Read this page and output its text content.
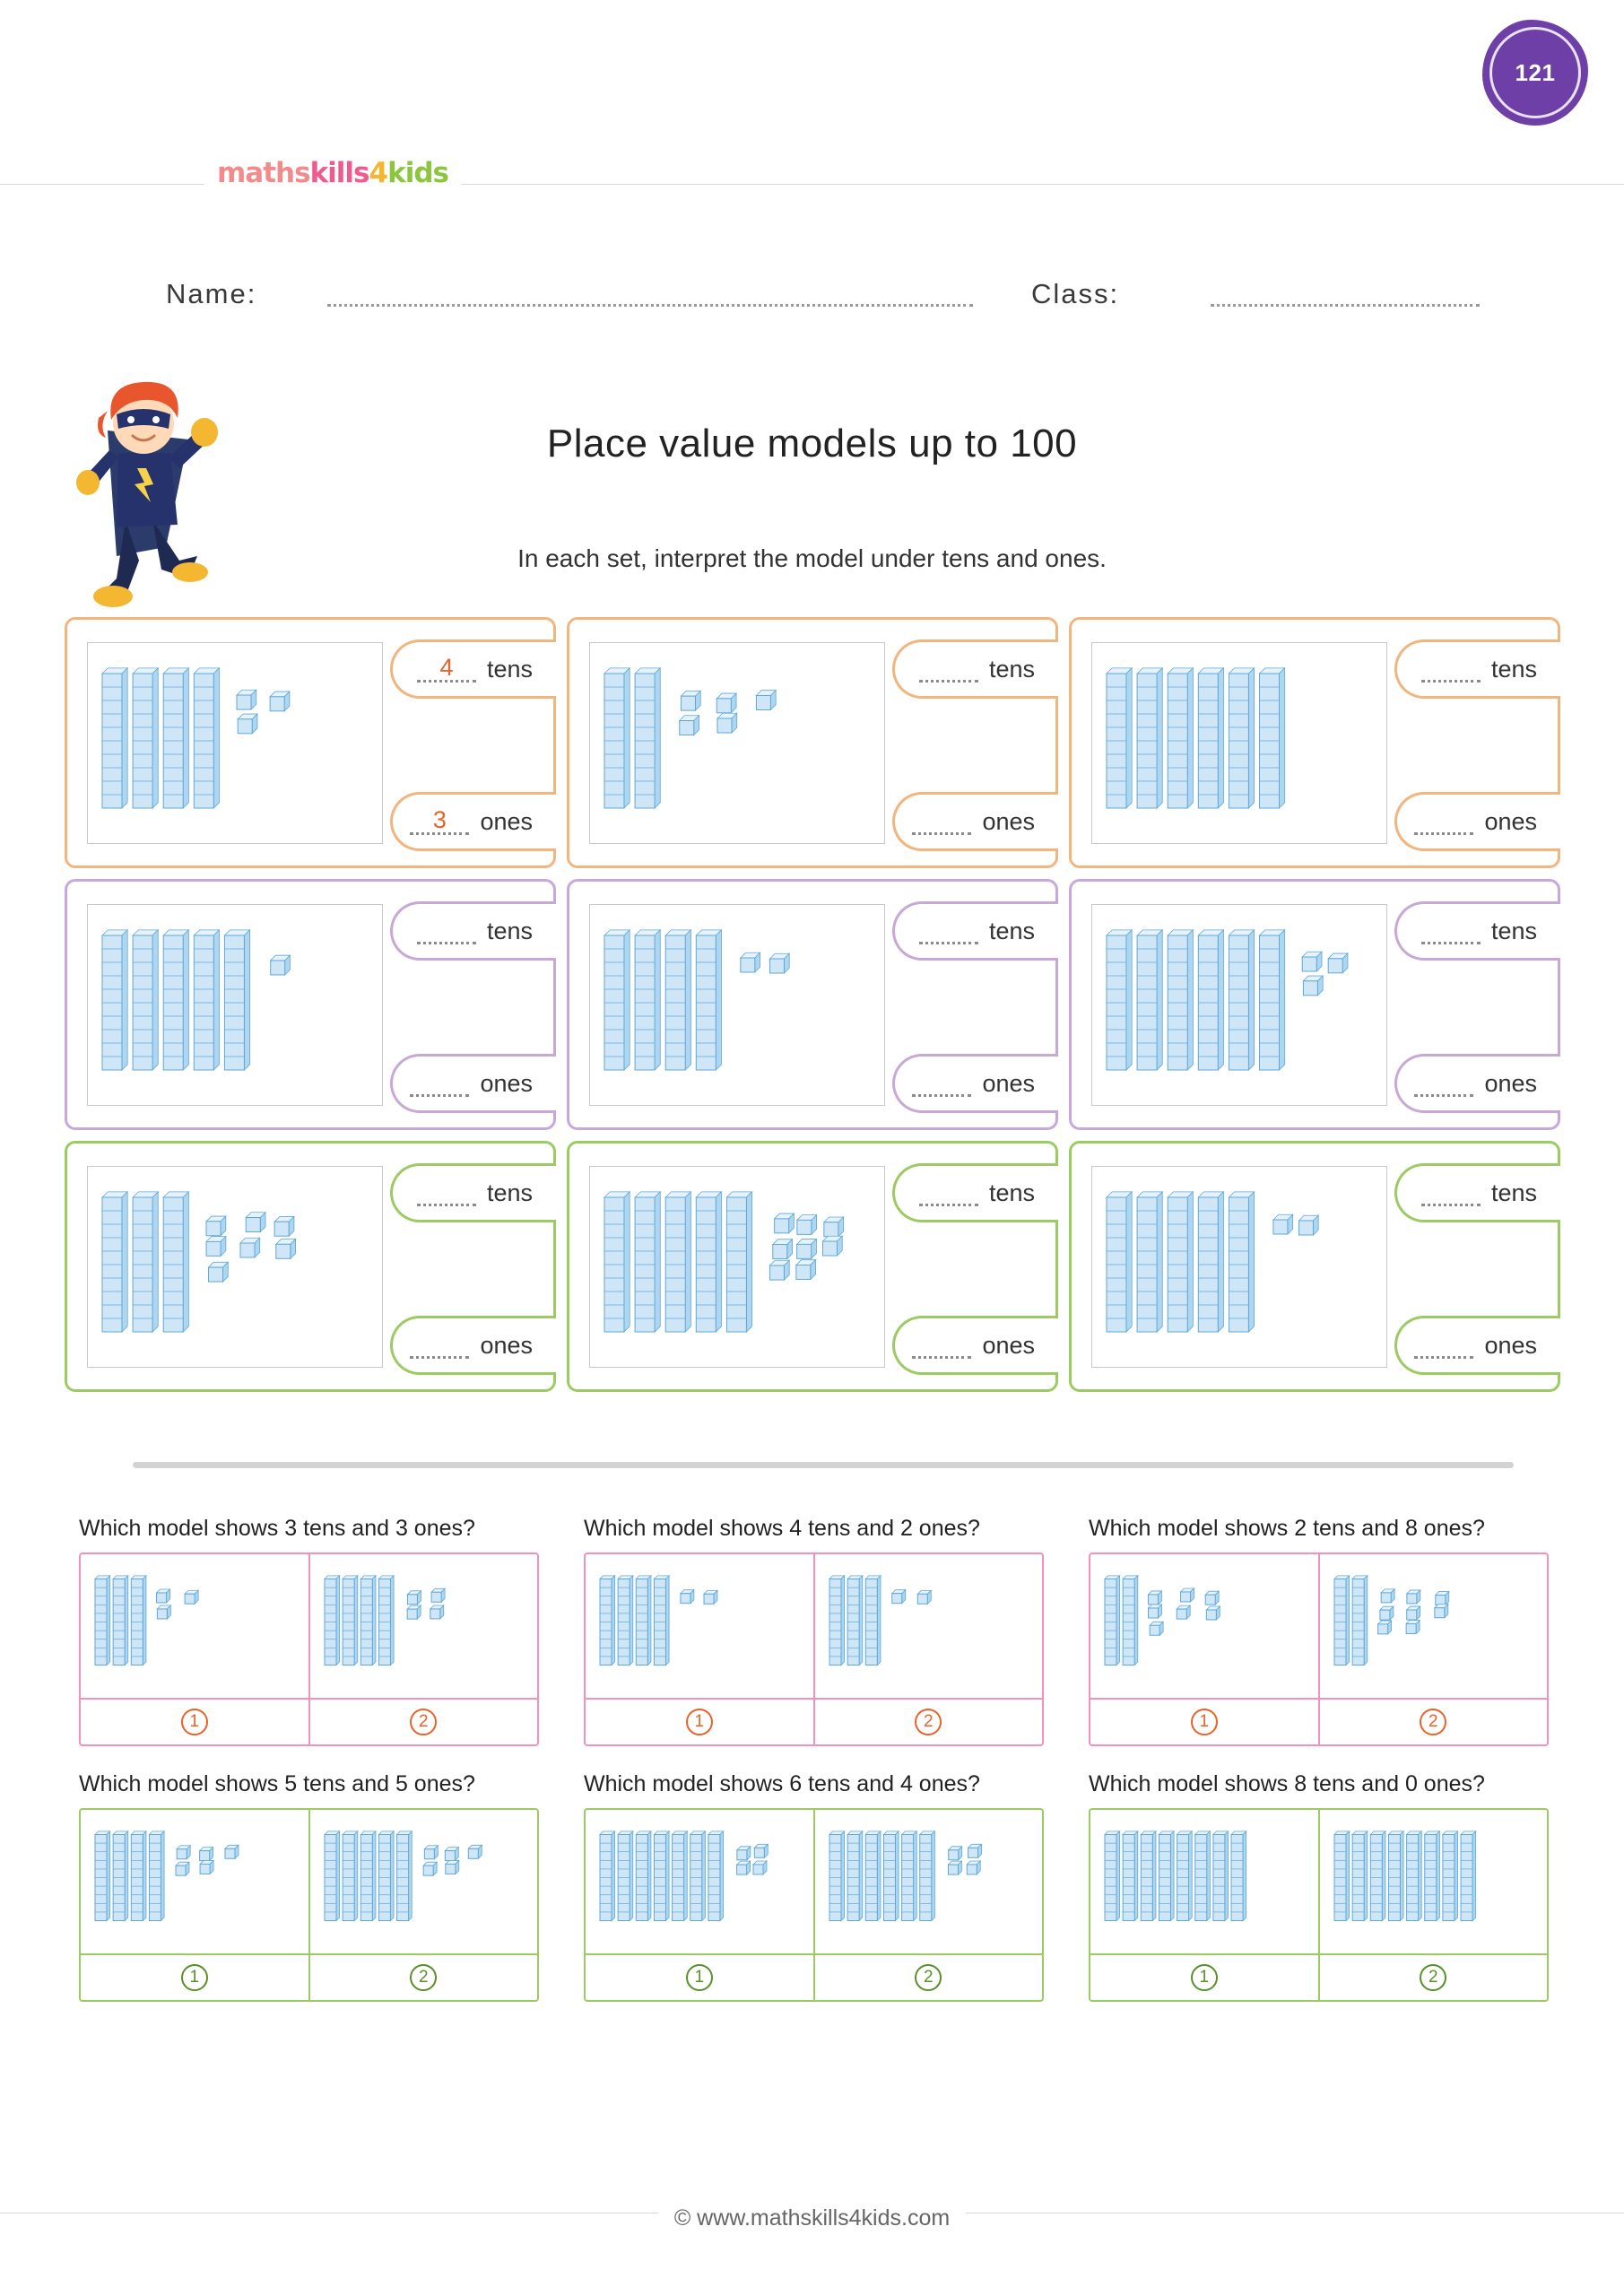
121
mathskills4kids
Name:	Class:
Place value models up to 100
In each set, interpret the model under tens and ones.
4	tens
3	ones
tens
ones
tens
ones
tens
ones
tens
ones
tens
ones
tens
ones
tens
ones
tens
ones
Which model shows 3 tens and 3 ones?
1	2
Which model shows 4 tens and 2 ones?
1	2
Which model shows 2 tens and 8 ones?
1	2
Which model shows 5 tens and 5 ones?
1	2
Which model shows 6 tens and 4 ones?
1	2
Which model shows 8 tens and 0 ones?
1	2
© www.mathskills4kids.com
